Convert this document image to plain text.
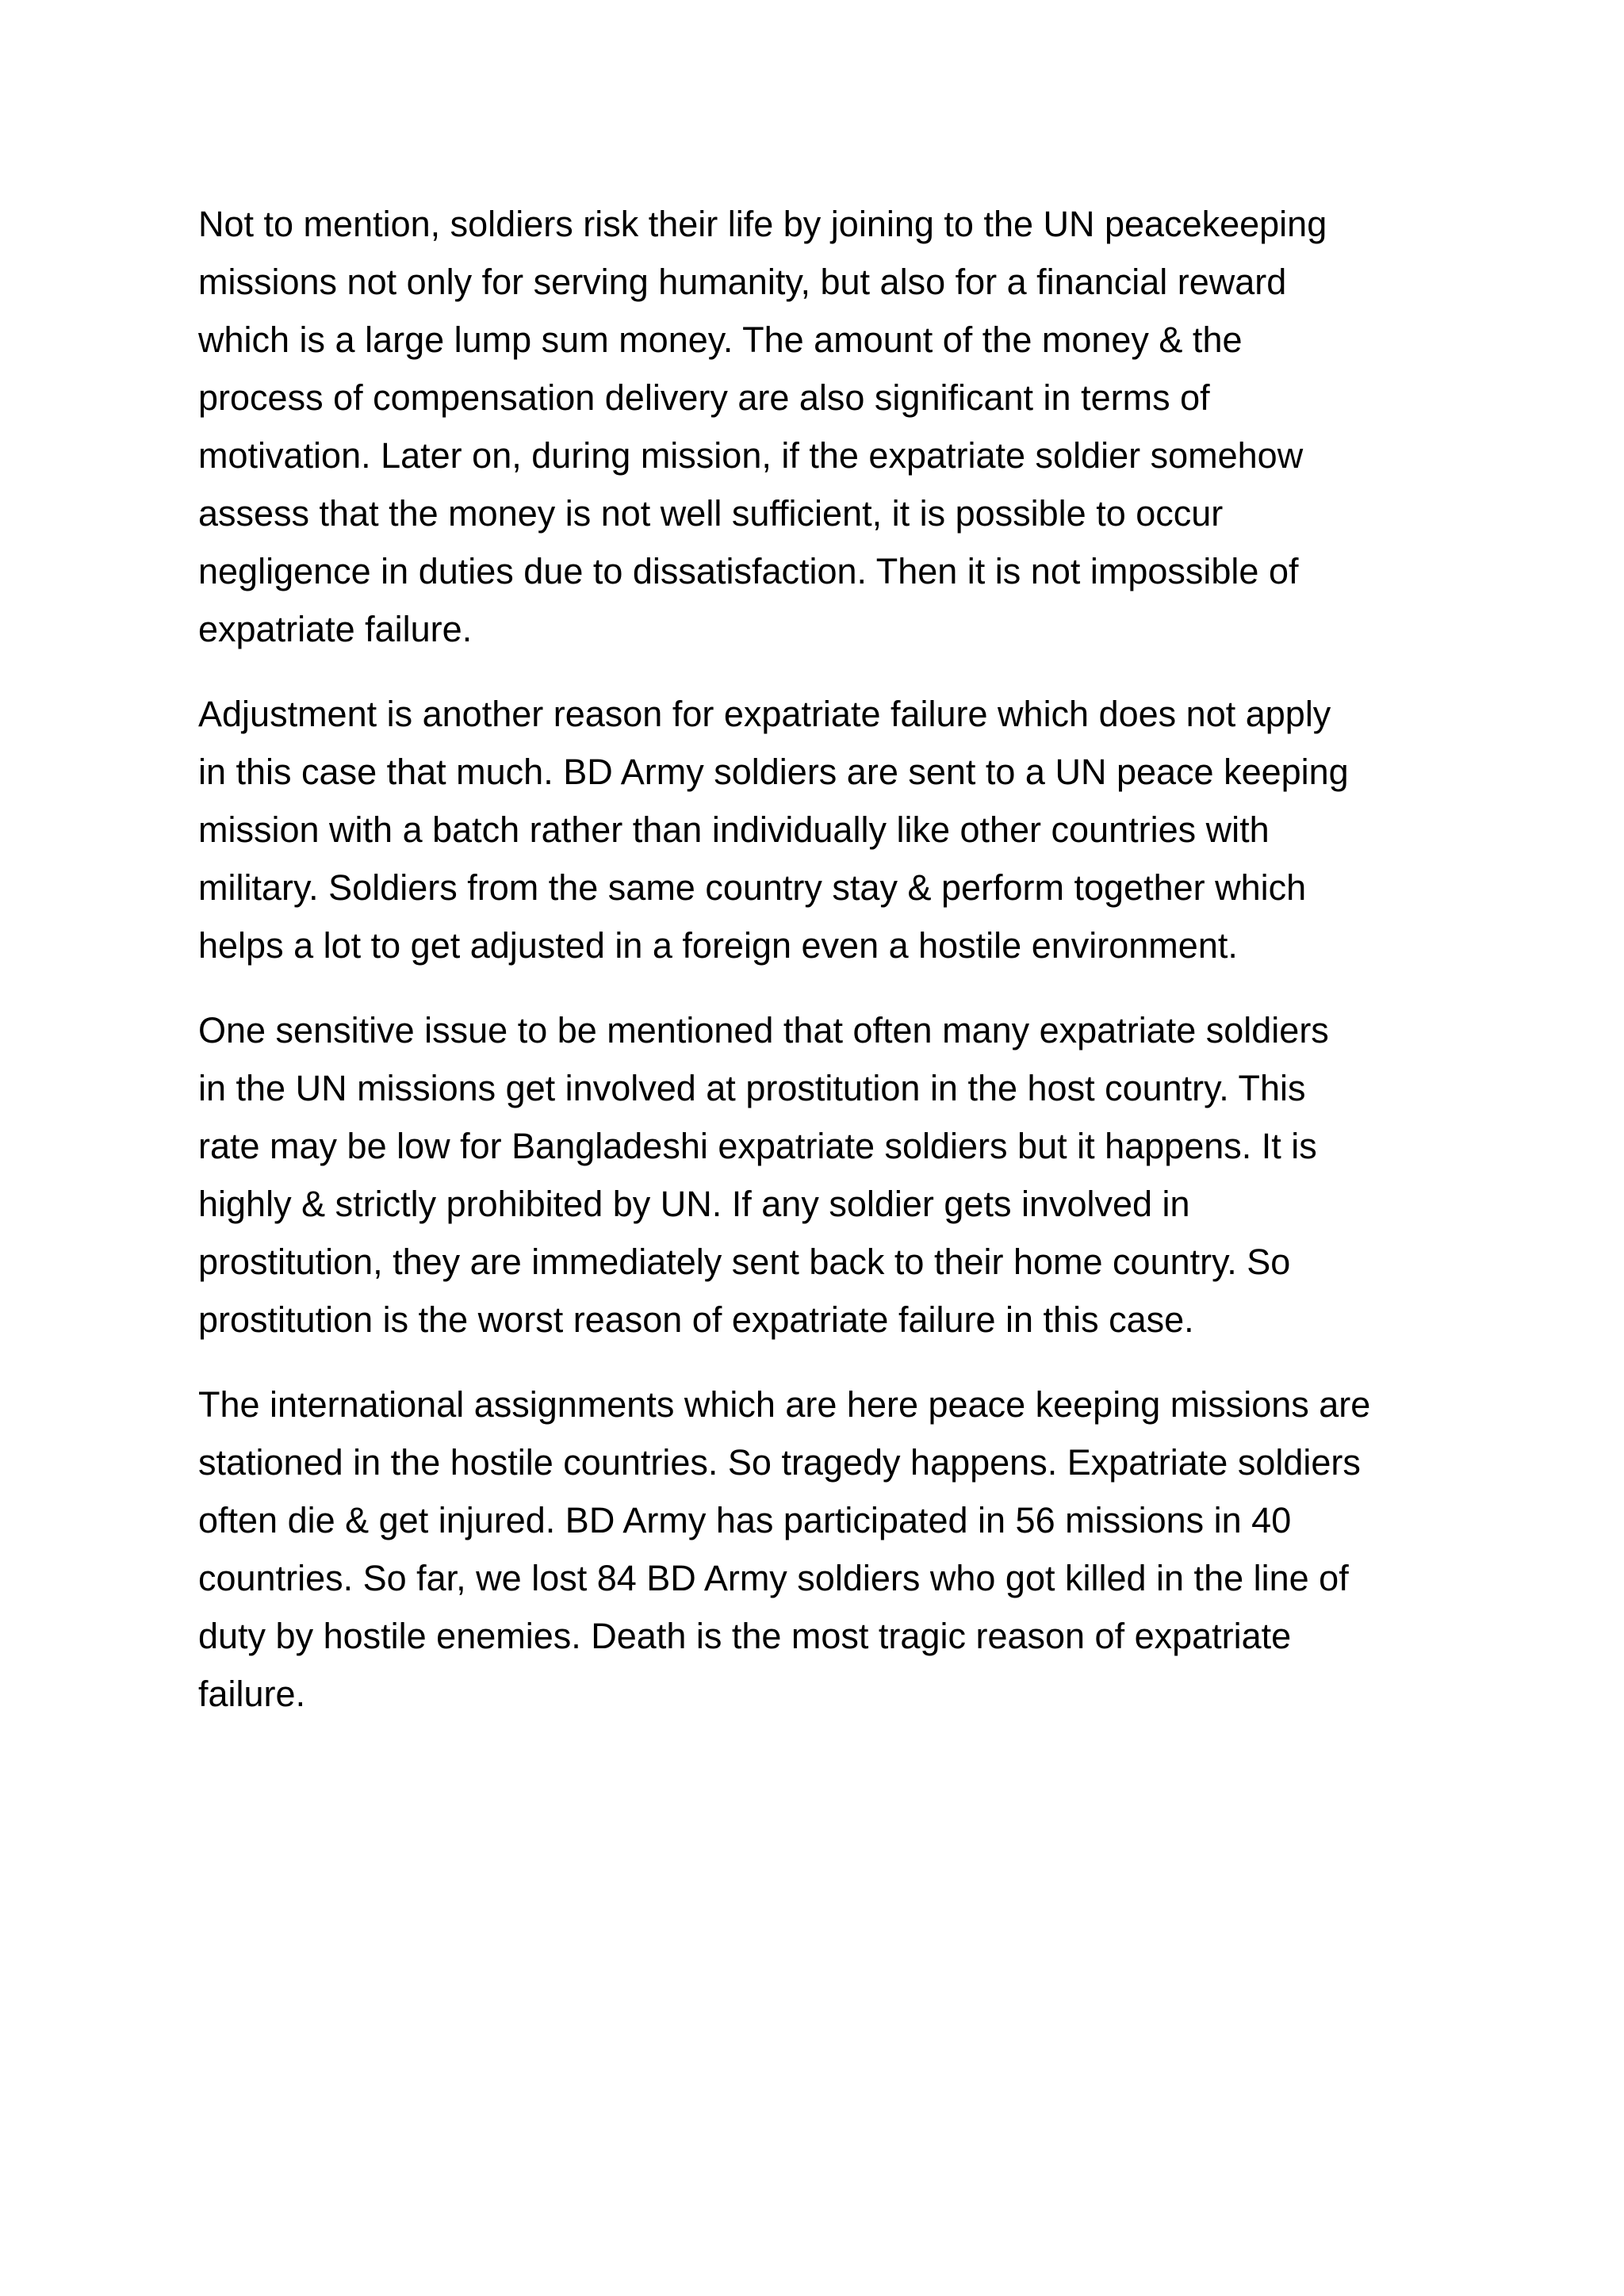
Not to mention, soldiers risk their life by joining to the UN peacekeeping
missions not only for serving humanity, but also for a financial reward
which is a large lump sum money. The amount of the money & the
process of compensation delivery are also significant in terms of
motivation. Later on, during mission, if the expatriate soldier somehow
assess that the money is not well sufficient, it is possible to occur
negligence in duties due to dissatisfaction. Then it is not impossible of
expatriate failure.

Adjustment is another reason for expatriate failure which does not apply
in this case that much. BD Army soldiers are sent to a UN peace keeping
mission with a batch rather than individually like other countries with
military. Soldiers from the same country stay & perform together which
helps a lot to get adjusted in a foreign even a hostile environment.

One sensitive issue to be mentioned that often many expatriate soldiers
in the UN missions get involved at prostitution in the host country. This
rate may be low for Bangladeshi expatriate soldiers but it happens. It is
highly & strictly prohibited by UN. If any soldier gets involved in
prostitution, they are immediately sent back to their home country. So
prostitution is the worst reason of expatriate failure in this case.

The international assignments which are here peace keeping missions are
stationed in the hostile countries. So tragedy happens. Expatriate soldiers
often die & get injured. BD Army has participated in 56 missions in 40
countries. So far, we lost 84 BD Army soldiers who got killed in the line of
duty by hostile enemies. Death is the most tragic reason of expatriate
failure.
